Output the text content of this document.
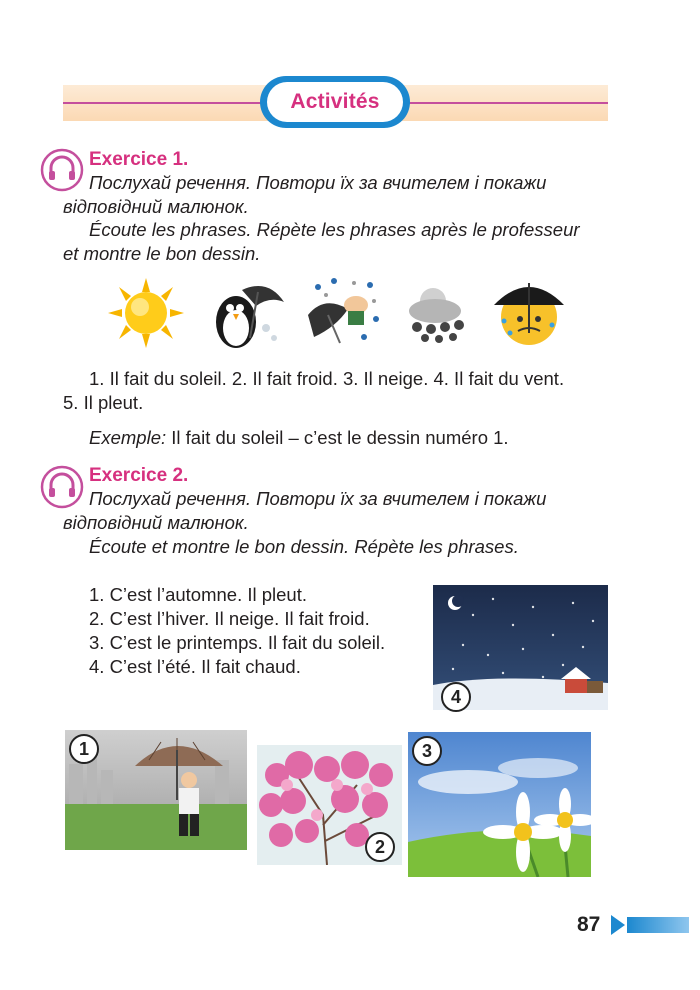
Activités
Exercice 1.
Послухай речення. Повтори їх за вчителем і покажи
відповідний малюнок.
Écoute les phrases. Répète les phrases après le professeur
et montre le bon dessin.
1. Il fait du soleil. 2. Il fait froid. 3. Il neige. 4. Il fait du vent.
5. Il pleut.
Exemple: Il fait du soleil – c’est le dessin numéro 1.
Exercice 2.
Послухай речення. Повтори їх за вчителем і покажи
відповідний малюнок.
Écoute et montre le bon dessin. Répète les phrases.
1. C’est l’automne. Il pleut.
2. C’est l’hiver. Il neige. Il fait froid.
3. C’est le printemps. Il fait du soleil.
4. C’est l’été. Il fait chaud.
4
1
2
3
87
